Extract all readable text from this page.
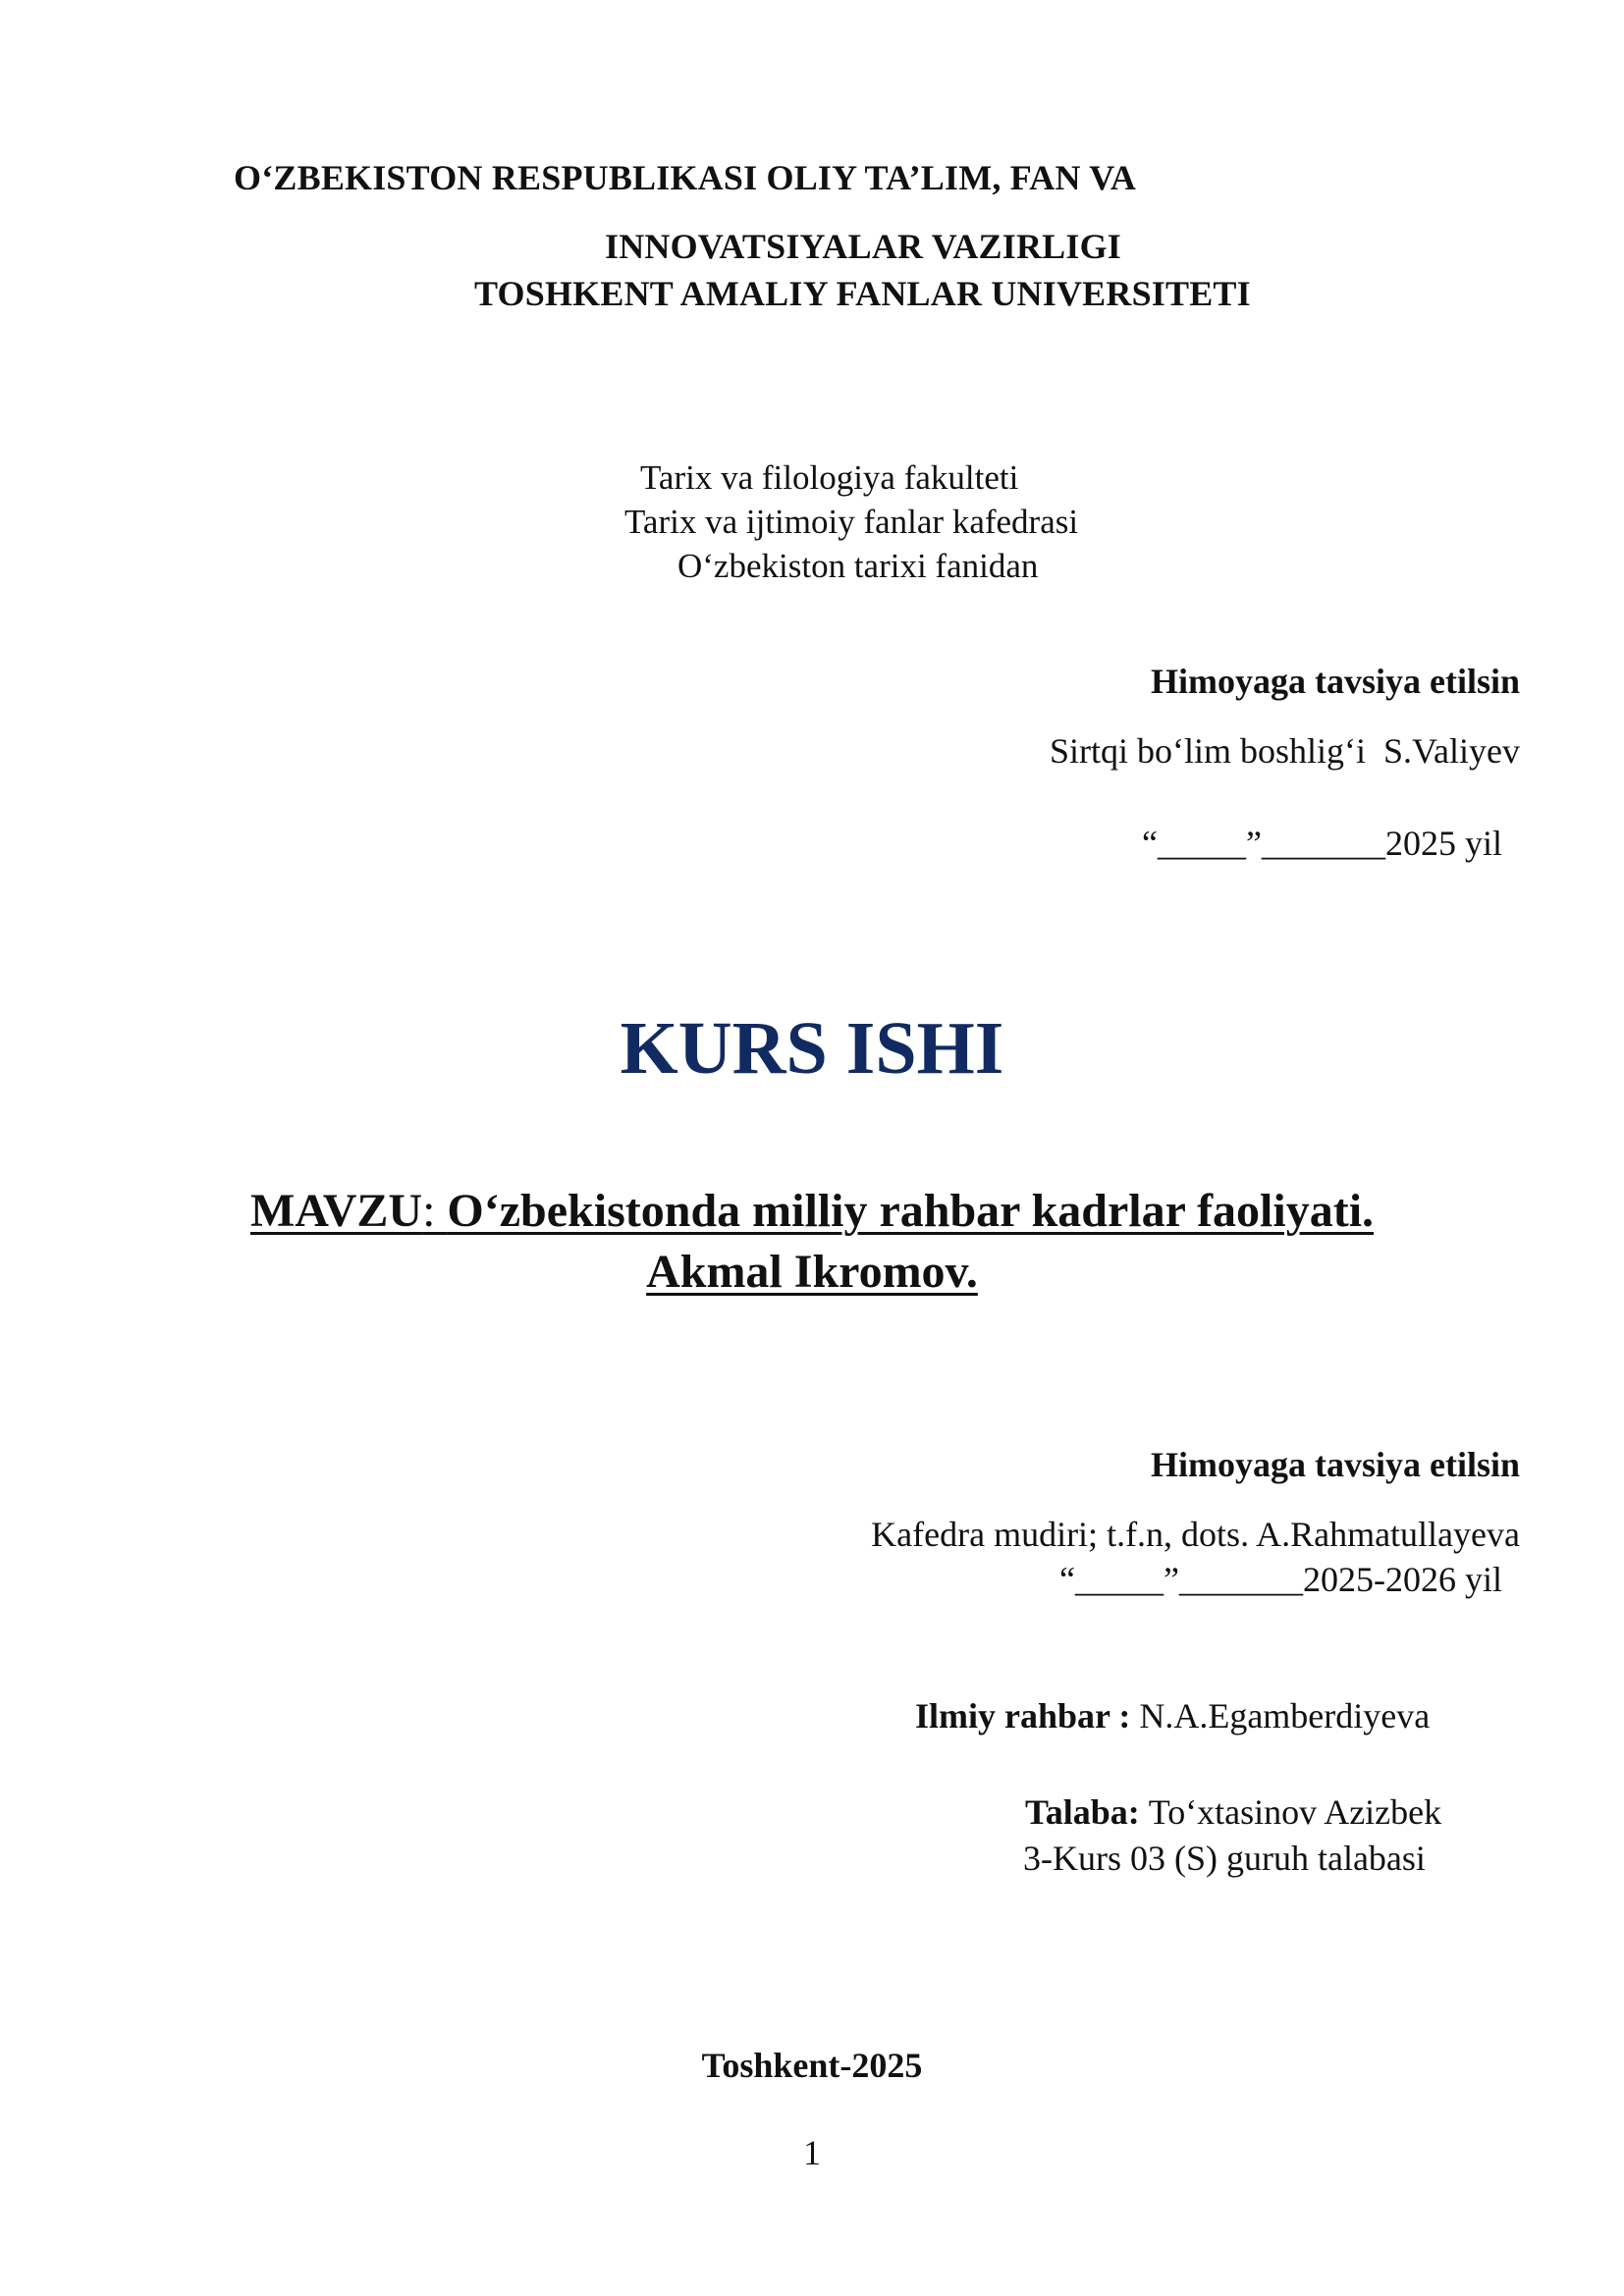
O‘ZBEKISTON RESPUBLIKASI OLIY TA’LIM, FAN VA
INNOVATSIYALAR VAZIRLIGI
TOSHKENT AMALIY FANLAR UNIVERSITETI
Tarix va filologiya fakulteti
Tarix va ijtimoiy fanlar kafedrasi
O‘zbekiston tarixi fanidan
Himoyaga tavsiya etilsin
Sirtqi bo‘lim boshlig‘i  S.Valiyev
“_____”_______2025 yil
KURS ISHI
MAVZU: O‘zbekistonda milliy rahbar kadrlar faoliyati.
Akmal Ikromov.
Himoyaga tavsiya etilsin
Kafedra mudiri; t.f.n, dots. A.Rahmatullayeva
“_____”_______2025-2026 yil
Ilmiy rahbar : N.A.Egamberdiyeva
Talaba: To‘xtasinov Azizbek
3-Kurs 03 (S) guruh talabasi
Toshkent-2025
1
